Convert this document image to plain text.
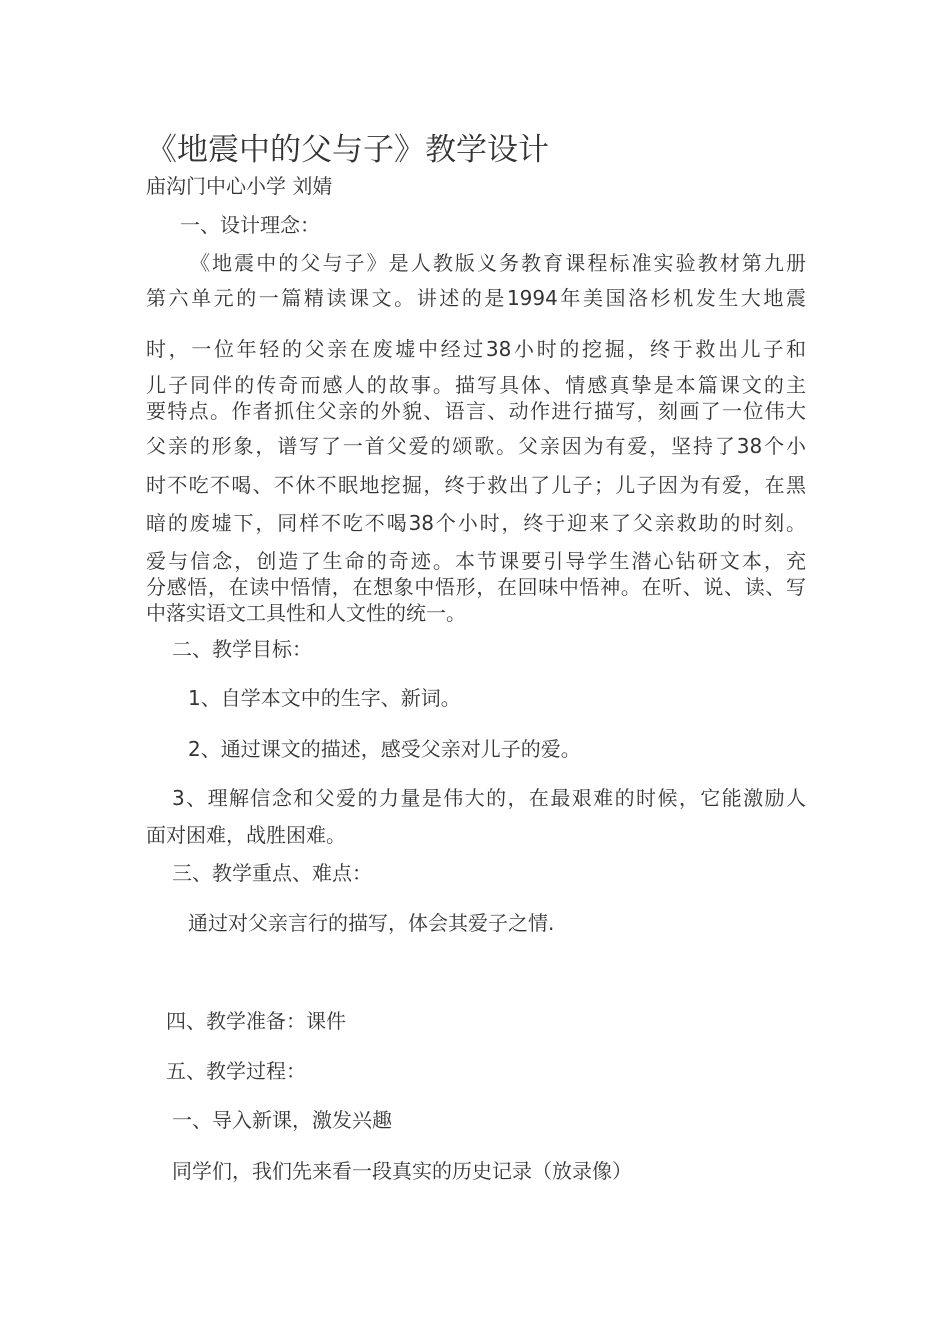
《地震中的父与子》教学设计
庙沟门中心小学 刘婧
一、设计理念：
《地震中的父与子》是人教版义务教育课程标准实验教材第九册
第六单元的一篇精读课文。讲述的是1994年美国洛杉机发生大地震
时，一位年轻的父亲在废墟中经过38小时的挖掘，终于救出儿子和
儿子同伴的传奇而感人的故事。描写具体、情感真挚是本篇课文的主
要特点。作者抓住父亲的外貌、语言、动作进行描写，刻画了一位伟大
父亲的形象，谱写了一首父爱的颂歌。父亲因为有爱，坚持了38个小
时不吃不喝、不休不眠地挖掘，终于救出了儿子；儿子因为有爱，在黑
暗的废墟下，同样不吃不喝38个小时，终于迎来了父亲救助的时刻。
爱与信念，创造了生命的奇迹。本节课要引导学生潜心钻研文本，充
分感悟，在读中悟情，在想象中悟形，在回味中悟神。在听、说、读、写
中落实语文工具性和人文性的统一。
二、教学目标：
1、自学本文中的生字、新词。
2、通过课文的描述，感受父亲对儿子的爱。
3、理解信念和父爱的力量是伟大的，在最艰难的时候，它能激励人
面对困难，战胜困难。
三、教学重点、难点：
通过对父亲言行的描写，体会其爱子之情.
四、教学准备：课件
五、教学过程：
一、导入新课，激发兴趣
同学们，我们先来看一段真实的历史记录（放录像）
